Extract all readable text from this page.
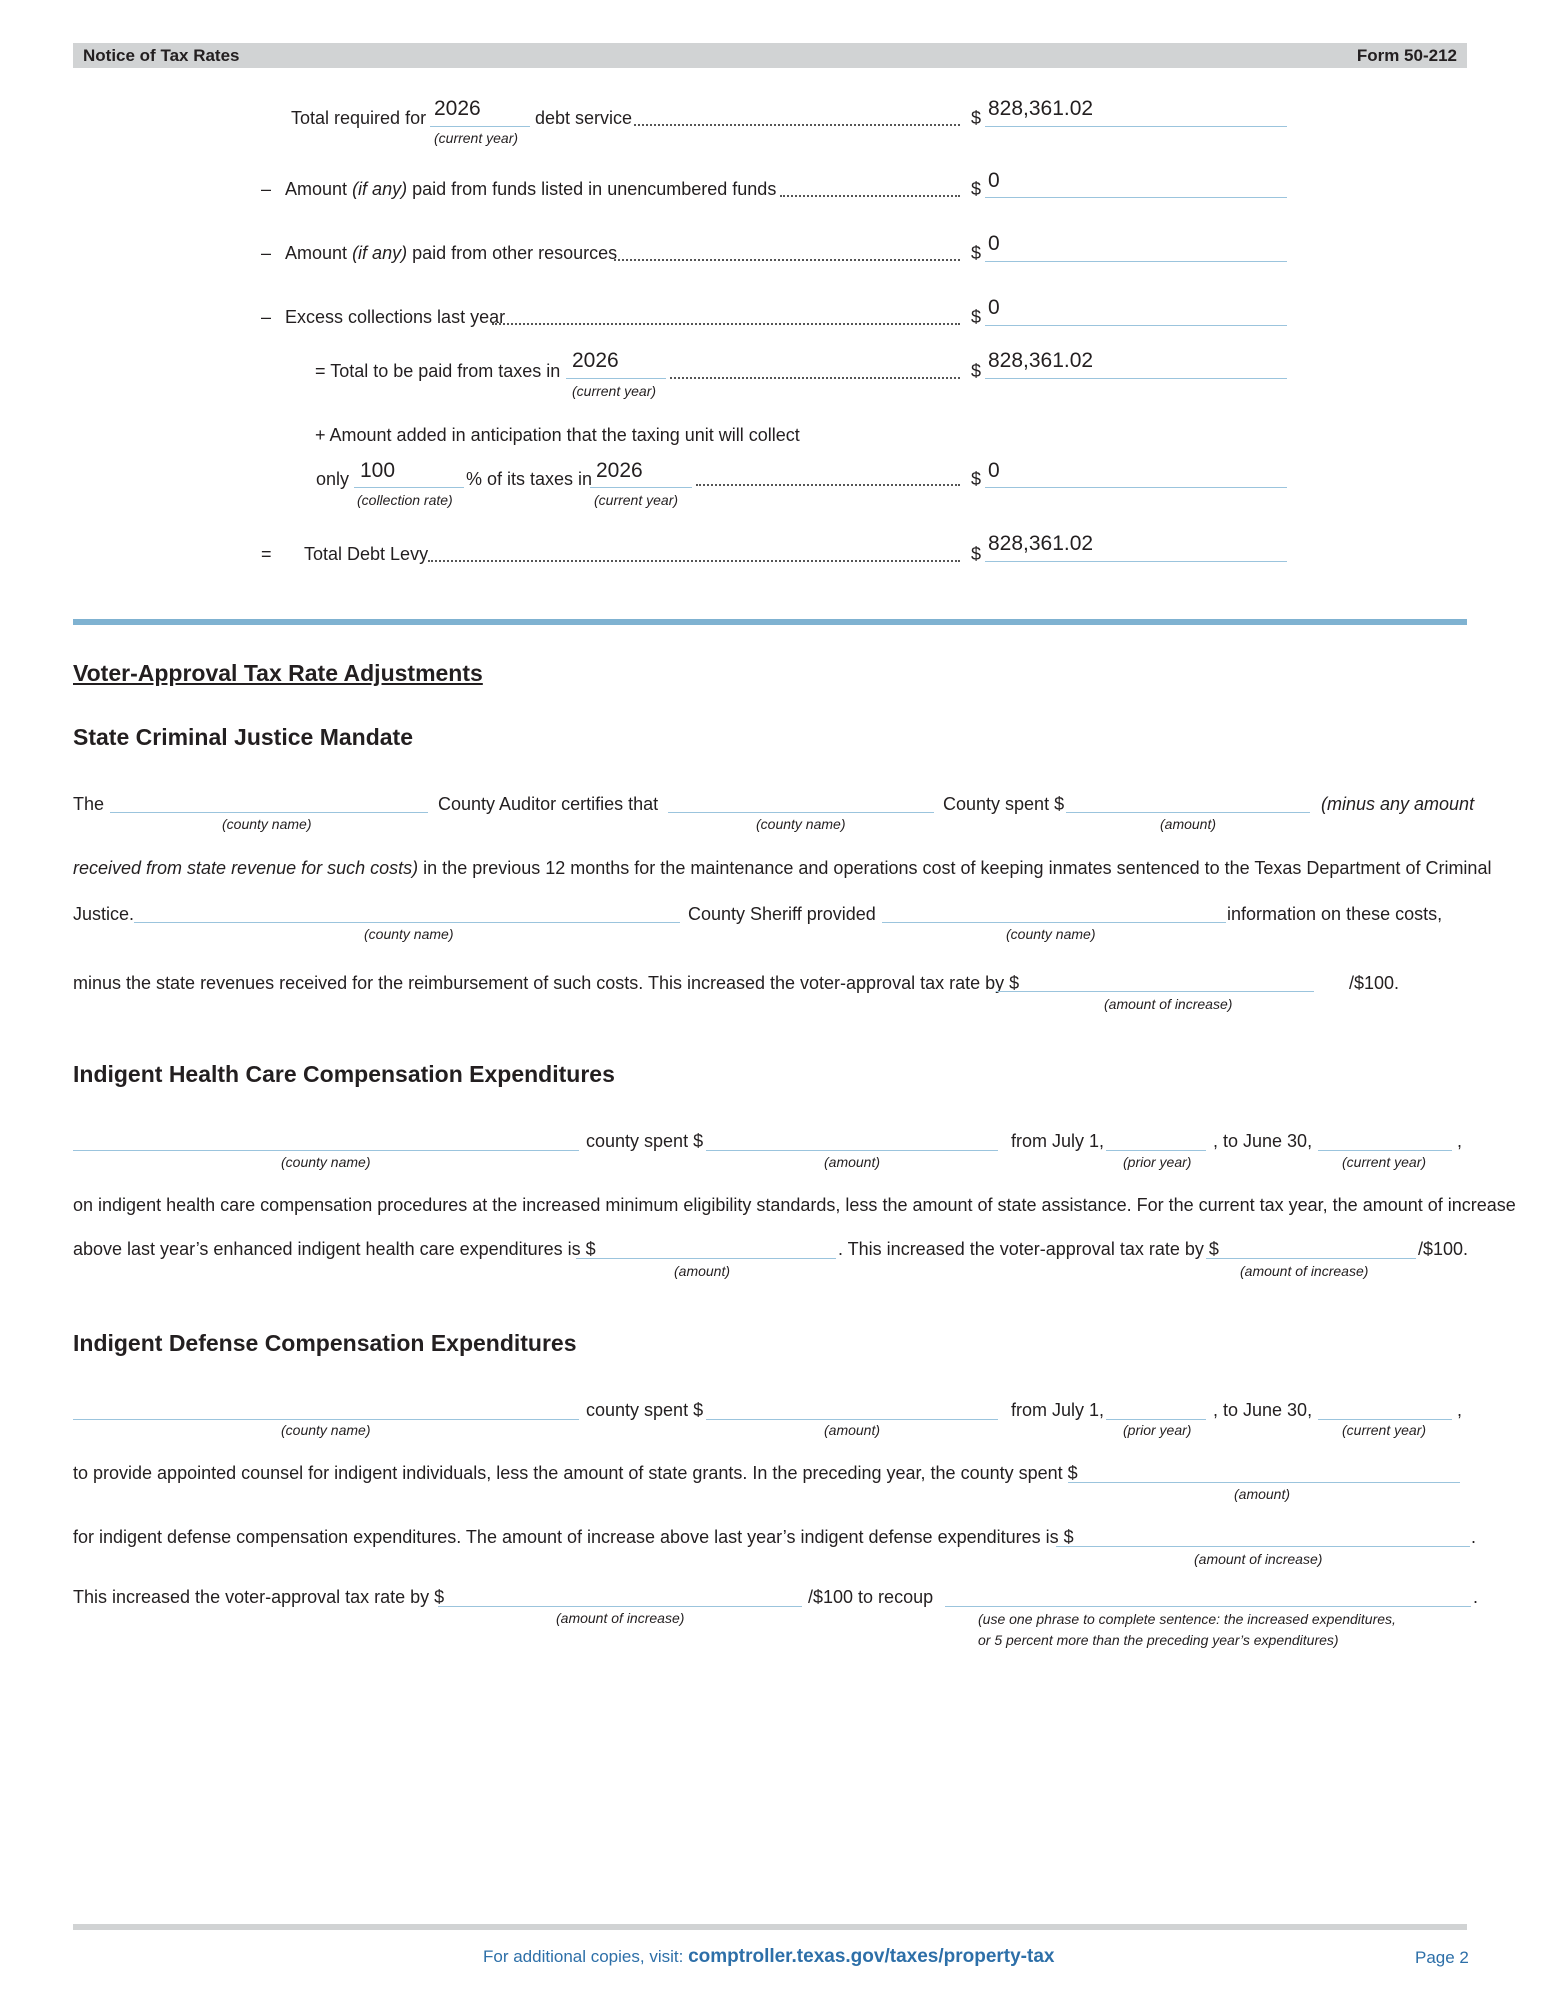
Notice of Tax Rates	Form 50-212
Total required for 2026
(current year)
debt service	$ 828,361.02
– Amount (if any) paid from funds listed in unencumbered funds	$ 0
– Amount (if any) paid from other resources	$ 0
– Excess collections last year	$ 0
= Total to be paid from taxes in 2026
(current year)
$ 828,361.02
+ Amount added in anticipation that the taxing unit will collect
only 100
(collection rate)
% of its taxes in 2026
(current year)
$ 0
= Total Debt Levy	$ 828,361.02
Voter-Approval Tax Rate Adjustments
State Criminal Justice Mandate
The
(county name)
County Auditor certifies that
(county name)
County spent $
(amount)
(minus any amount
received from state revenue for such costs) in the previous 12 months for the maintenance and operations cost of keeping inmates sentenced to the Texas Department of Criminal
Justice.
(county name)
County Sheriff provided
(county name)
information on these costs,
minus the state revenues received for the reimbursement of such costs. This increased the voter-approval tax rate by $	/$100.
(amount of increase)
Indigent Health Care Compensation Expenditures
(county name)
county spent $
(amount)
from July 1,
(prior year)
, to June 30,
(current year)
,
on indigent health care compensation procedures at the increased minimum eligibility standards, less the amount of state assistance. For the current tax year, the amount of increase
above last year’s enhanced indigent health care expenditures is $
(amount)
. This increased the voter-approval tax rate by $	/$100.
(amount of increase)
Indigent Defense Compensation Expenditures
(county name)
county spent $
(amount)
from July 1,
(prior year)
, to June 30,
(current year)
,
to provide appointed counsel for indigent individuals, less the amount of state grants. In the preceding year, the county spent $
(amount)
for indigent defense compensation expenditures. The amount of increase above last year’s indigent defense expenditures is $	.
(amount of increase)
This increased the voter-approval tax rate by $
(amount of increase)
/$100 to recoup	.
(use one phrase to complete sentence: the increased expenditures,
or 5 percent more than the preceding year’s expenditures)
For additional copies, visit: comptroller.texas.gov/taxes/property-tax	Page 2
